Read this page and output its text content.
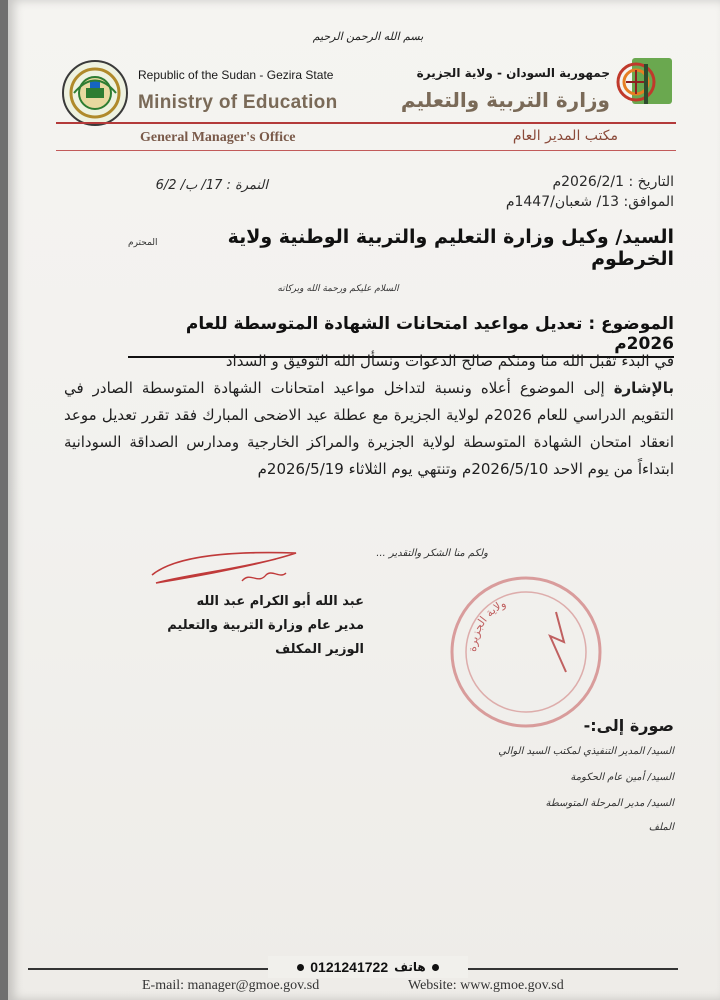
بسم الله الرحمن الرحيم
Republic of the Sudan - Gezira State
Ministry of Education
جمهورية السودان - ولاية الجزيرة
وزارة التربية والتعليم
General Manager's Office	مكتب المدير العام
التاريخ : 2026/2/1م
الموافق: 13/ شعبان/1447م
النمرة : 17/ ب/ 6/2
السيد/ وكيل وزارة التعليم والتربية الوطنية ولاية الخرطوم
المحترم
السلام عليكم ورحمة الله وبركاته
الموضوع : تعديل مواعيد امتحانات الشهادة المتوسطة للعام 2026م
في البدء تقبل الله منا ومنكم صالح الدعوات ونسأل الله التوفيق و السداد
بالإشارة إلى الموضوع أعلاه ونسبة لتداخل مواعيد امتحانات الشهادة المتوسطة الصادر في التقويم الدراسي للعام 2026م لولاية الجزيرة مع عطلة عيد الاضحى المبارك فقد تقرر تعديل موعد انعقاد امتحان الشهادة المتوسطة لولاية الجزيرة والمراكز الخارجية ومدارس الصداقة السودانية ابتداءاً من يوم الاحد 2026/5/10م وتنتهي يوم الثلاثاء 2026/5/19م
ولكم منا الشكر والتقدير ...
عبد الله أبو الكرام عبد الله
مدير عام وزارة التربية والتعليم
الوزير المكلف	ولاية الجزيرة
صورة إلى:-
السيد/ المدير التنفيذي لمكتب السيد الوالي
السيد/ أمين عام الحكومة
السيد/ مدير المرحلة المتوسطة
الملف
0121241722 هاتف
E-mail: manager@gmoe.gov.sd	Website: www.gmoe.gov.sd
